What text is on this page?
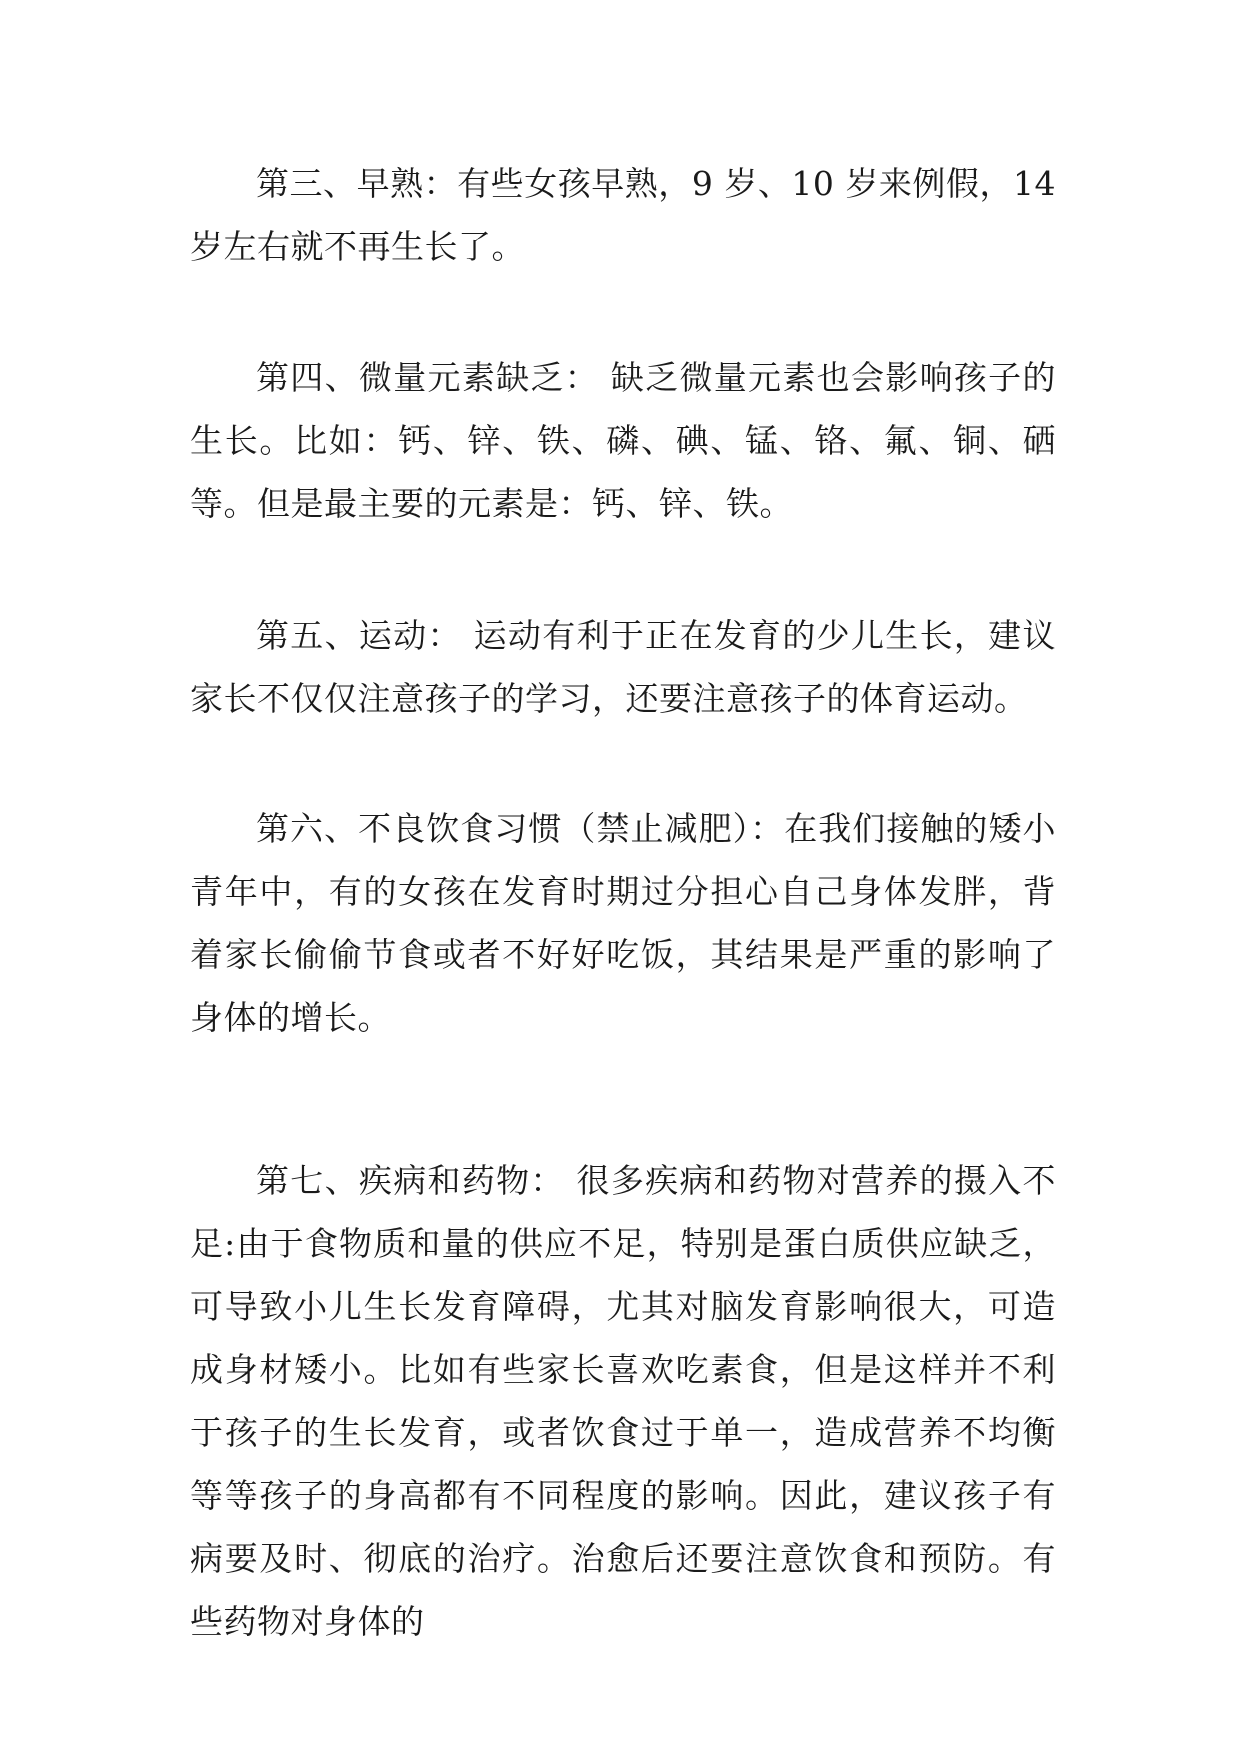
第三、早熟：有些女孩早熟，9 岁、10 岁来例假，14 岁左右就不再生长了。

第四、微量元素缺乏： 缺乏微量元素也会影响孩子的生长。比如：钙、锌、铁、磷、碘、锰、铬、氟、铜、硒等。但是最主要的元素是：钙、锌、铁。

第五、运动： 运动有利于正在发育的少儿生长，建议家长不仅仅注意孩子的学习，还要注意孩子的体育运动。

第六、不良饮食习惯（禁止减肥）：在我们接触的矮小青年中，有的女孩在发育时期过分担心自己身体发胖，背着家长偷偷节食或者不好好吃饭，其结果是严重的影响了身体的增长。

第七、疾病和药物： 很多疾病和药物对营养的摄入不足:由于食物质和量的供应不足，特别是蛋白质供应缺乏，可导致小儿生长发育障碍，尤其对脑发育影响很大，可造成身材矮小。比如有些家长喜欢吃素食，但是这样并不利于孩子的生长发育，或者饮食过于单一，造成营养不均衡等等孩子的身高都有不同程度的影响。因此，建议孩子有病要及时、彻底的治疗。治愈后还要注意饮食和预防。有些药物对身体的
